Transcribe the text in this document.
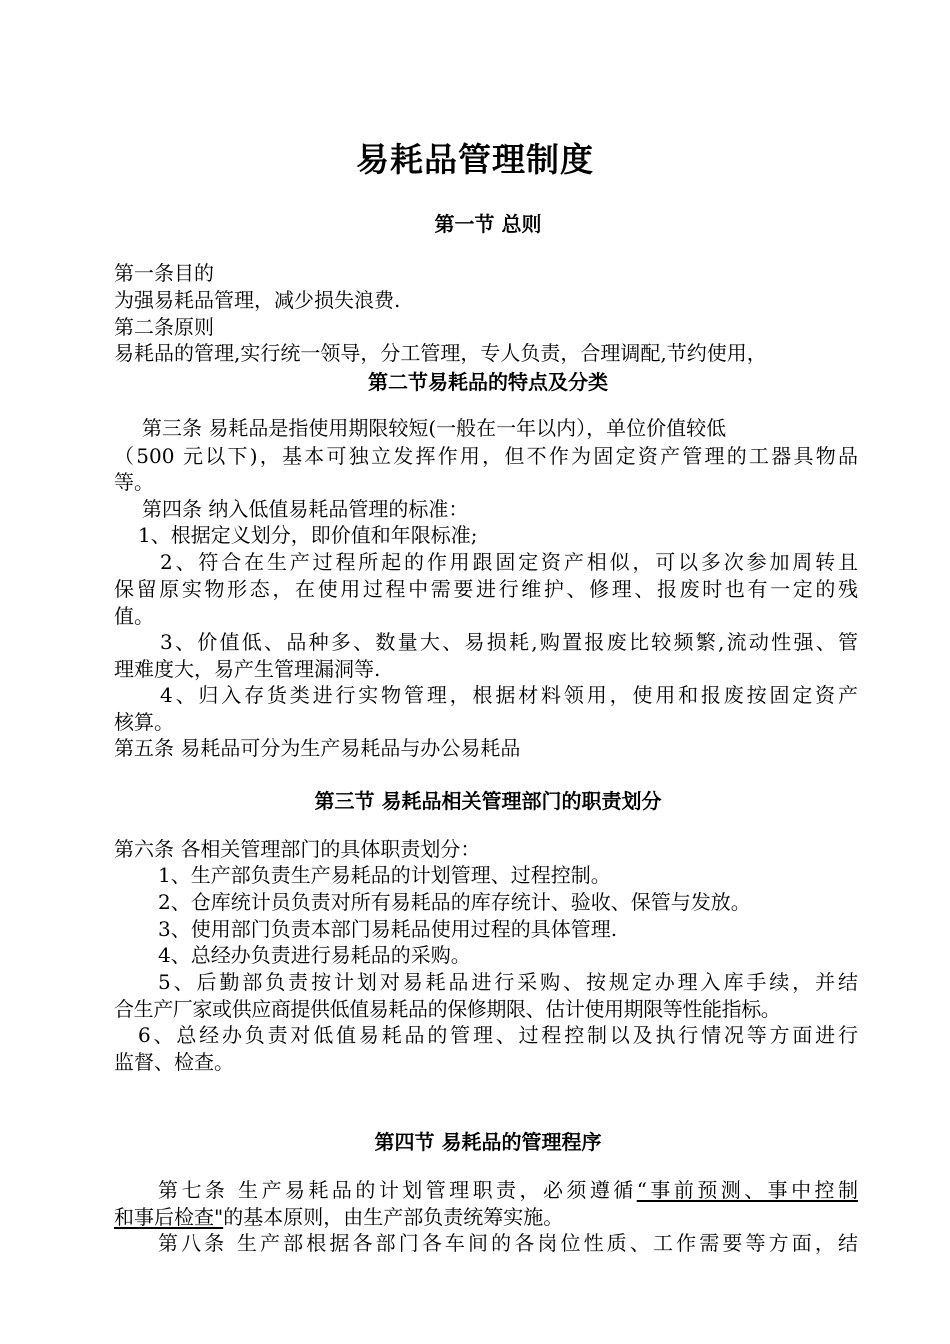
易耗品管理制度
第一节 总则
第一条目的
为强易耗品管理，减少损失浪费.
第二条原则
易耗品的管理,实行统一领导，分工管理，专人负责，合理调配,节约使用，
第二节易耗品的特点及分类
第三条 易耗品是指使用期限较短(一般在一年以内），单位价值较低
（500 元以下)，基本可独立发挥作用，但不作为固定资产管理的工器具物品
等。
第四条 纳入低值易耗品管理的标准：
1、根据定义划分，即价值和年限标准;
2、符合在生产过程所起的作用跟固定资产相似，可以多次参加周转且
保留原实物形态，在使用过程中需要进行维护、修理、报废时也有一定的残
值。
3、价值低、品种多、数量大、易损耗,购置报废比较频繁,流动性强、管
理难度大，易产生管理漏洞等.
4、归入存货类进行实物管理，根据材料领用，使用和报废按固定资产
核算。
第五条 易耗品可分为生产易耗品与办公易耗品
第三节 易耗品相关管理部门的职责划分
第六条 各相关管理部门的具体职责划分：
1、生产部负责生产易耗品的计划管理、过程控制。
2、仓库统计员负责对所有易耗品的库存统计、验收、保管与发放。
3、使用部门负责本部门易耗品使用过程的具体管理.
4、总经办负责进行易耗品的采购。
5、后勤部负责按计划对易耗品进行采购、按规定办理入库手续，并结
合生产厂家或供应商提供低值易耗品的保修期限、估计使用期限等性能指标。
6、总经办负责对低值易耗品的管理、过程控制以及执行情况等方面进行
监督、检查。
第四节 易耗品的管理程序
第七条 生产易耗品的计划管理职责，必须遵循“事前预测、事中控制
和事后检查"的基本原则，由生产部负责统筹实施。
第八条 生产部根据各部门各车间的各岗位性质、工作需要等方面，结
